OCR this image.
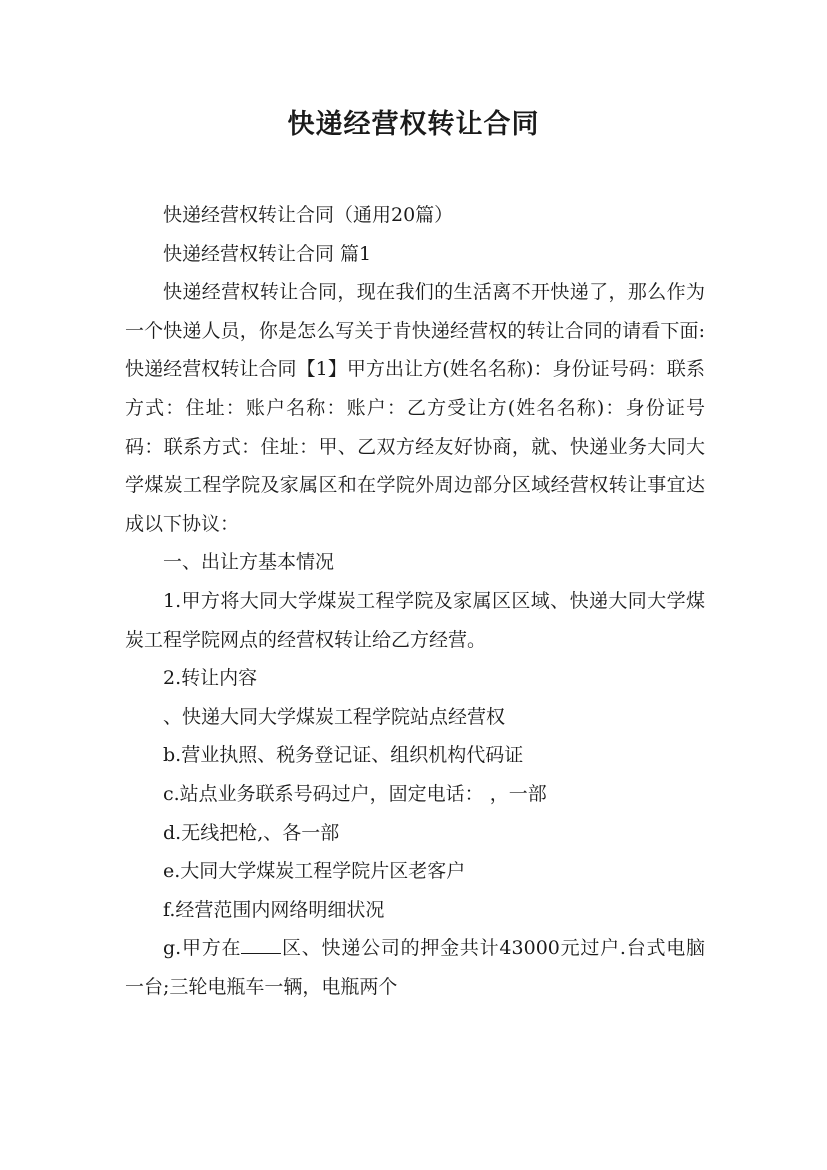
快递经营权转让合同

快递经营权转让合同（通用20篇）

快递经营权转让合同 篇1

快递经营权转让合同，现在我们的生活离不开快递了，那么作为一个快递人员，你是怎么写关于肯快递经营权的转让合同的请看下面:快递经营权转让合同【1】甲方出让方(姓名名称)：身份证号码：联系方式：住址：账户名称：账户：乙方受让方(姓名名称)：身份证号码：联系方式：住址：甲、乙双方经友好协商，就、快递业务大同大学煤炭工程学院及家属区和在学院外周边部分区域经营权转让事宜达成以下协议：

一、出让方基本情况

1.甲方将大同大学煤炭工程学院及家属区区域、快递大同大学煤炭工程学院网点的经营权转让给乙方经营。

2.转让内容

、快递大同大学煤炭工程学院站点经营权

b.营业执照、税务登记证、组织机构代码证

c.站点业务联系号码过户，固定电话： ，一部

d.无线把枪,、各一部

e.大同大学煤炭工程学院片区老客户

f.经营范围内网络明细状况

g.甲方在 区、快递公司的押金共计43000元过户.台式电脑一台;三轮电瓶车一辆，电瓶两个
